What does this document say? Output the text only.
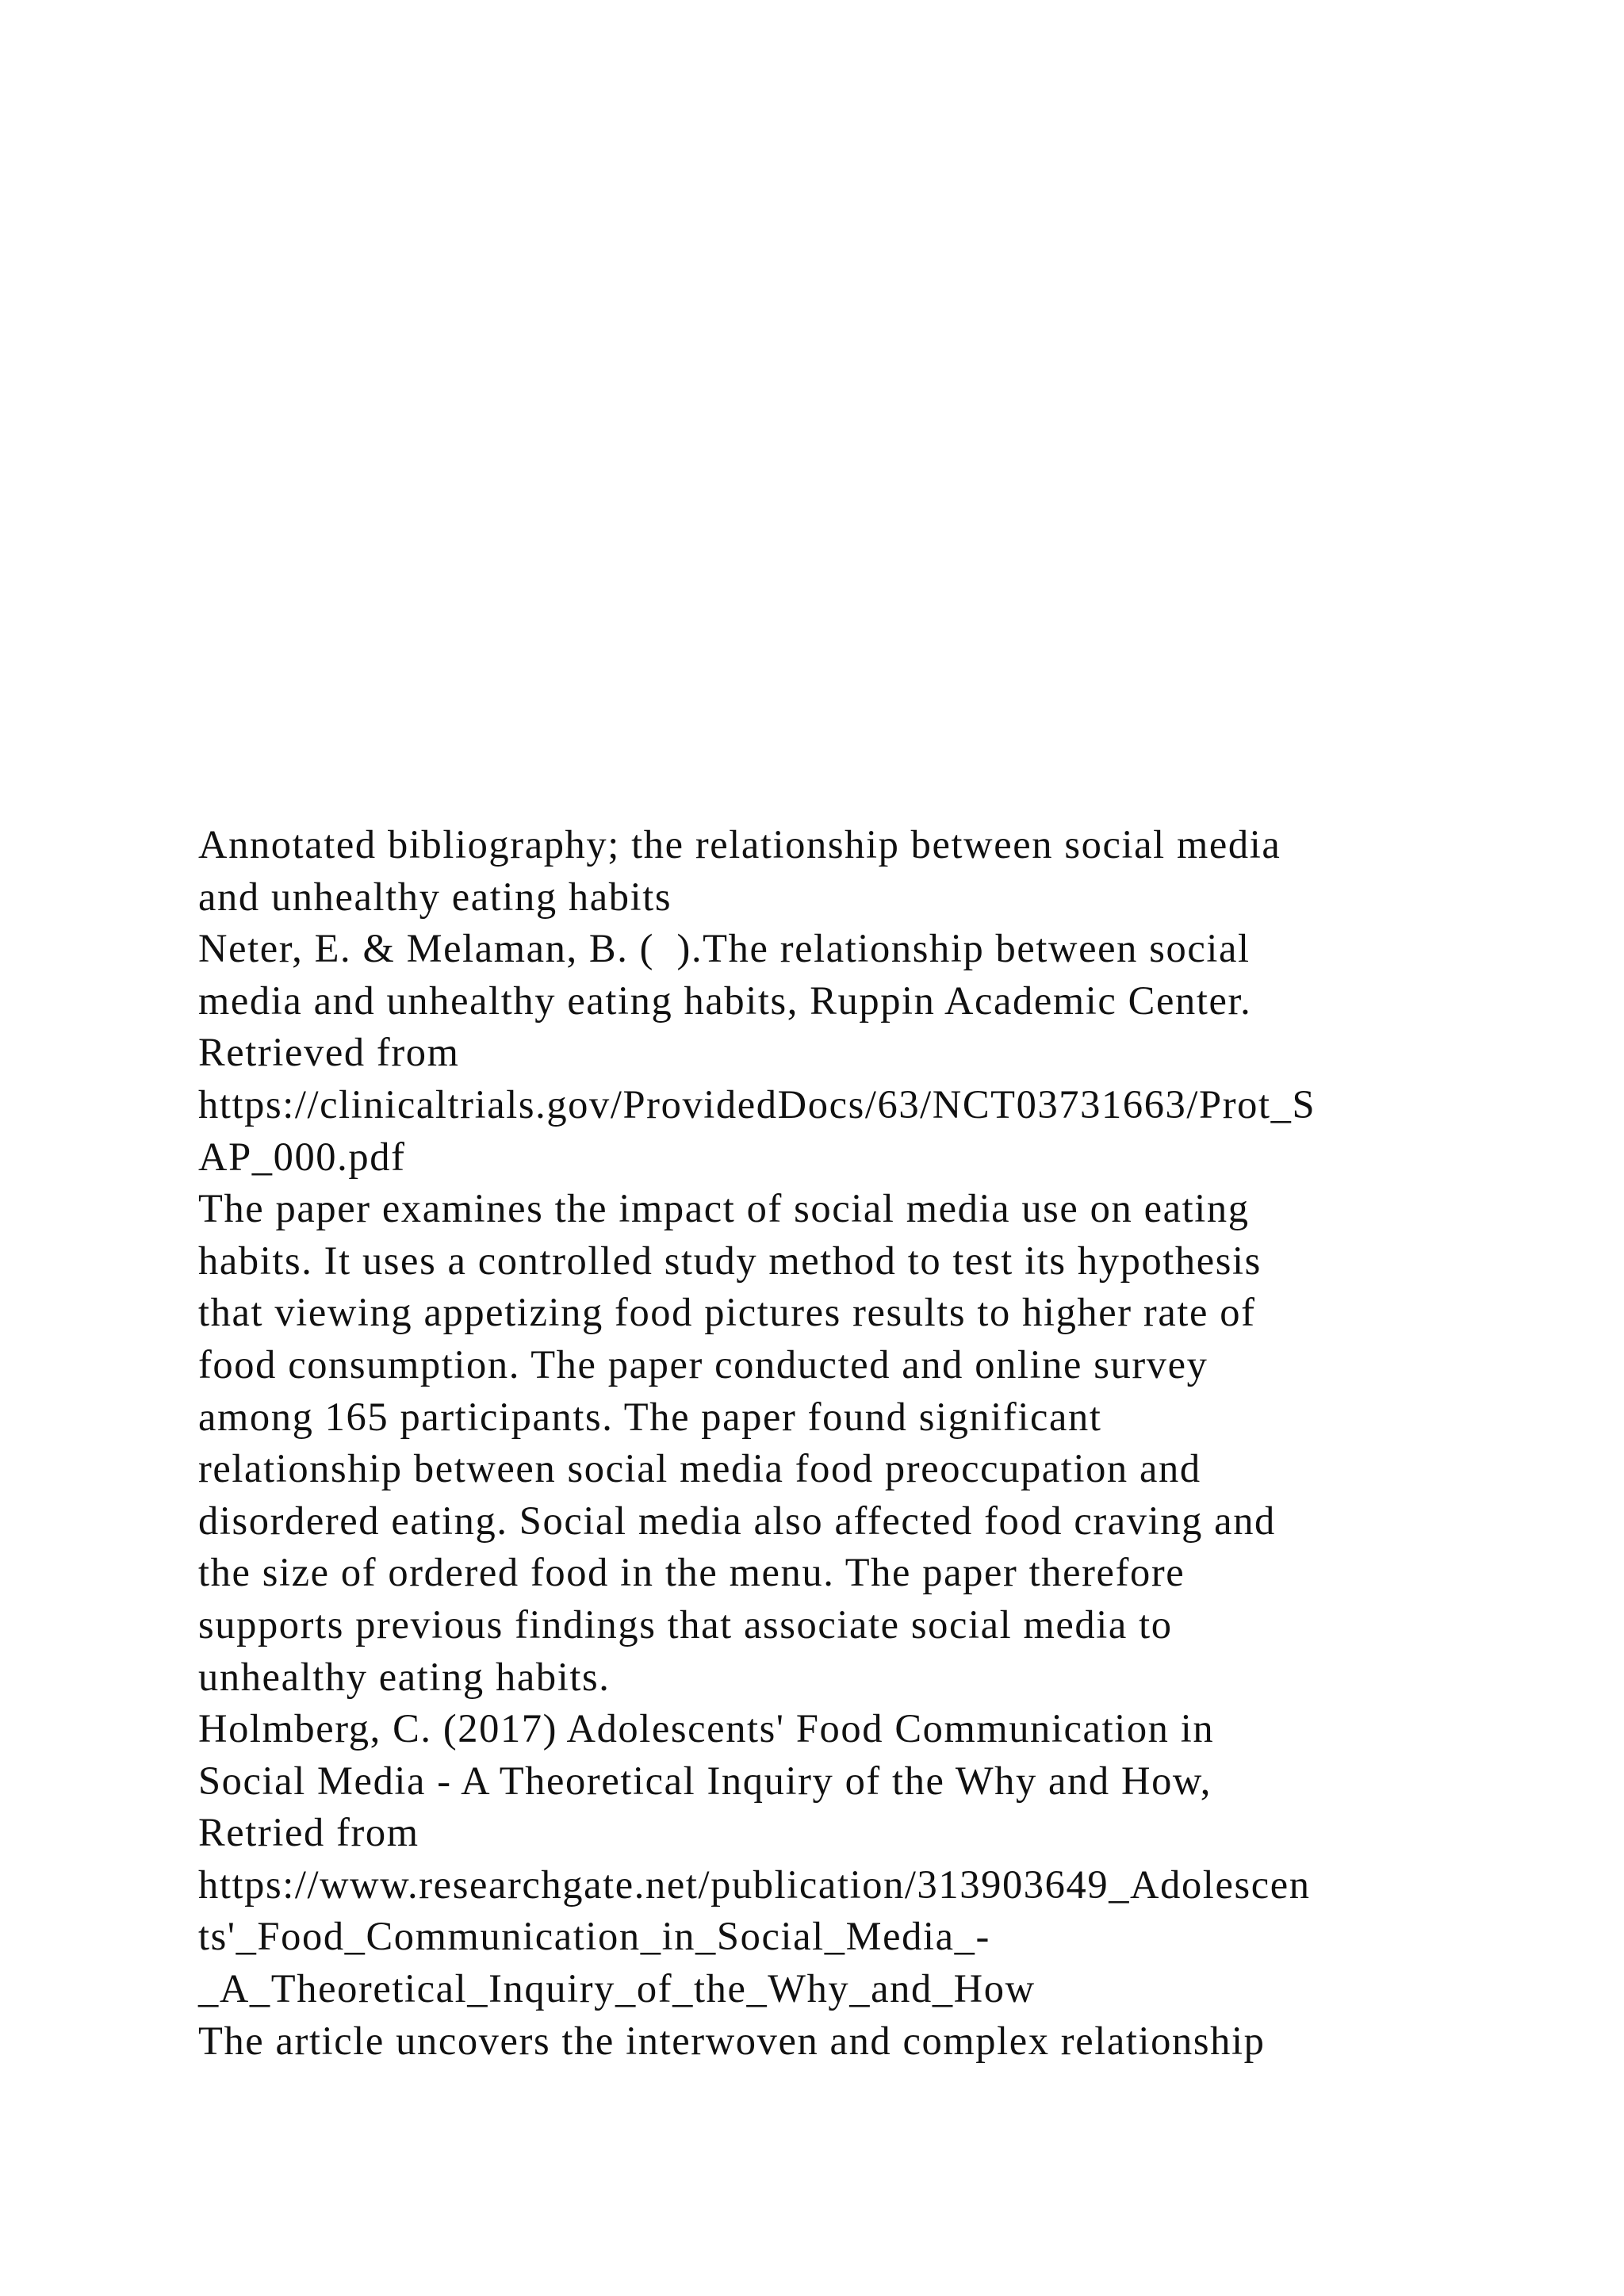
Annotated bibliography; the relationship between social media
and unhealthy eating habits
Neter, E. & Melaman, B. (  ).The relationship between social
media and unhealthy eating habits, Ruppin Academic Center.
Retrieved from
https://clinicaltrials.gov/ProvidedDocs/63/NCT03731663/Prot_S
AP_000.pdf
The paper examines the impact of social media use on eating
habits. It uses a controlled study method to test its hypothesis
that viewing appetizing food pictures results to higher rate of
food consumption. The paper conducted and online survey
among 165 participants. The paper found significant
relationship between social media food preoccupation and
disordered eating. Social media also affected food craving and
the size of ordered food in the menu. The paper therefore
supports previous findings that associate social media to
unhealthy eating habits.
Holmberg, C. (2017) Adolescents' Food Communication in
Social Media - A Theoretical Inquiry of the Why and How,
Retried from
https://www.researchgate.net/publication/313903649_Adolescen
ts'_Food_Communication_in_Social_Media_-
_A_Theoretical_Inquiry_of_the_Why_and_How
The article uncovers the interwoven and complex relationship
